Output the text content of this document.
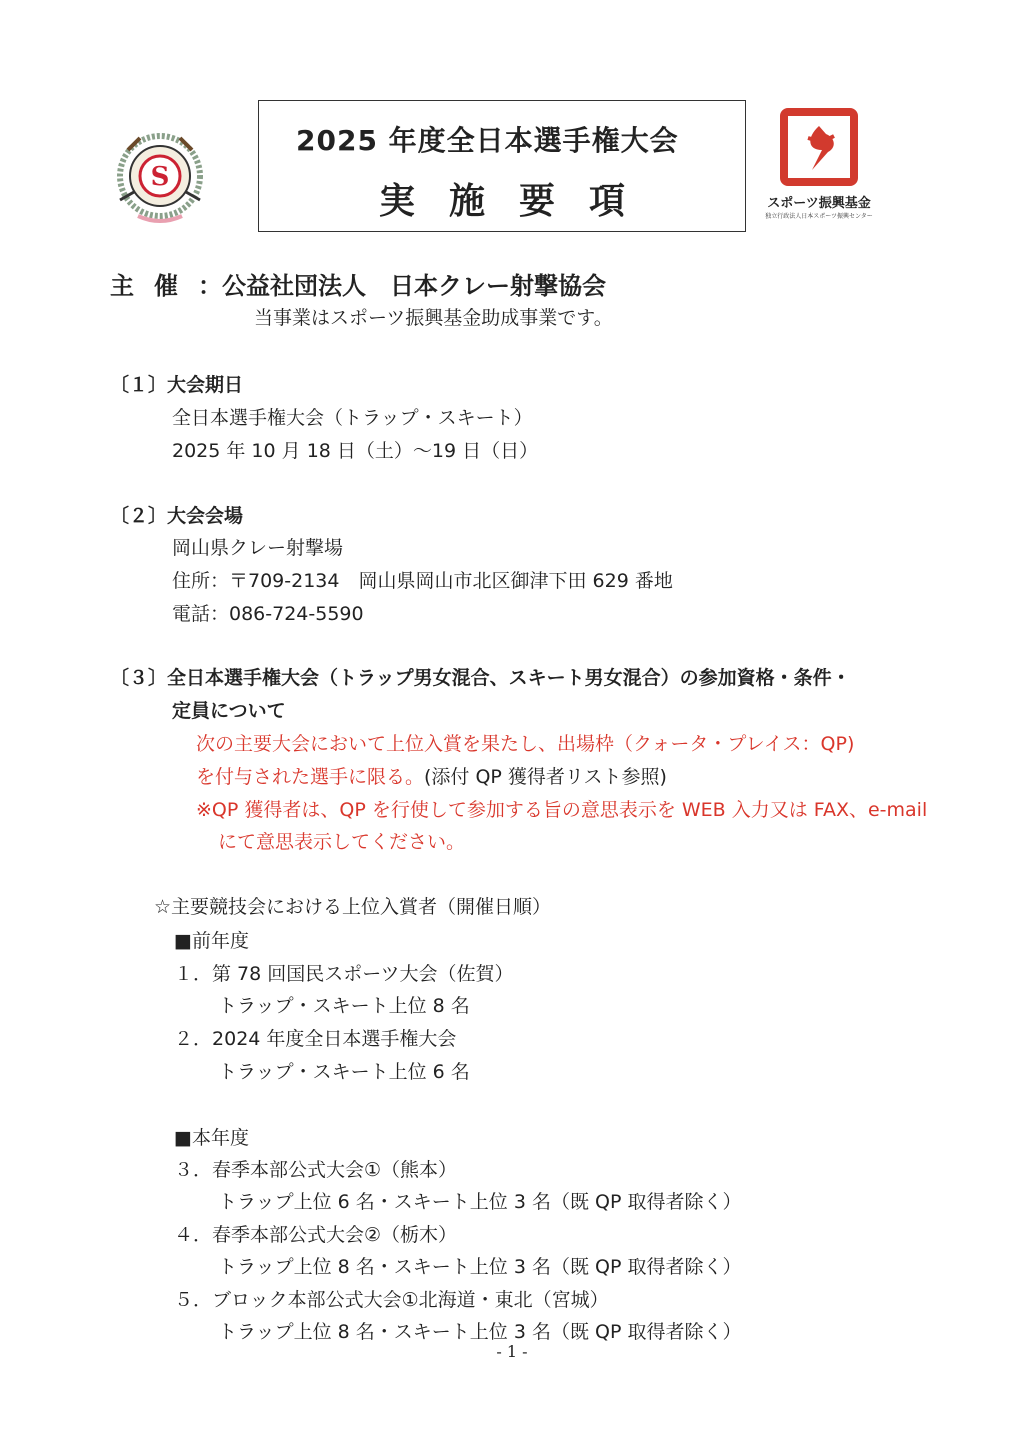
S
2025 年度全日本選手権大会
実施要項	スポーツ振興基金
独立行政法人日本スポーツ振興センター
主催：公益社団法人　日本クレー射撃協会
当事業はスポーツ振興基金助成事業です。
〔１〕大会期日
全日本選手権大会（トラップ・スキート）
2025 年 10 月 18 日（土）～19 日（日）
〔２〕大会会場
岡山県クレー射撃場
住所：〒709-2134　岡山県岡山市北区御津下田 629 番地
電話：086-724-5590
〔３〕全日本選手権大会（トラップ男女混合、スキート男女混合）の参加資格・条件・
定員について
次の主要大会において上位入賞を果たし、出場枠（クォータ・プレイス：QP)
を付与された選手に限る。(添付 QP 獲得者リスト参照)
※QP 獲得者は、QP を行使して参加する旨の意思表示を WEB 入力又は FAX、e-mail
にて意思表示してください。
☆主要競技会における上位入賞者（開催日順）
■前年度
１．第 78 回国民スポーツ大会（佐賀）
トラップ・スキート上位 8 名
２．2024 年度全日本選手権大会
トラップ・スキート上位 6 名
■本年度
３．春季本部公式大会①（熊本）
トラップ上位 6 名・スキート上位 3 名（既 QP 取得者除く）
４．春季本部公式大会②（栃木）
トラップ上位 8 名・スキート上位 3 名（既 QP 取得者除く）
５．ブロック本部公式大会①北海道・東北（宮城）
トラップ上位 8 名・スキート上位 3 名（既 QP 取得者除く）
- 1 -
